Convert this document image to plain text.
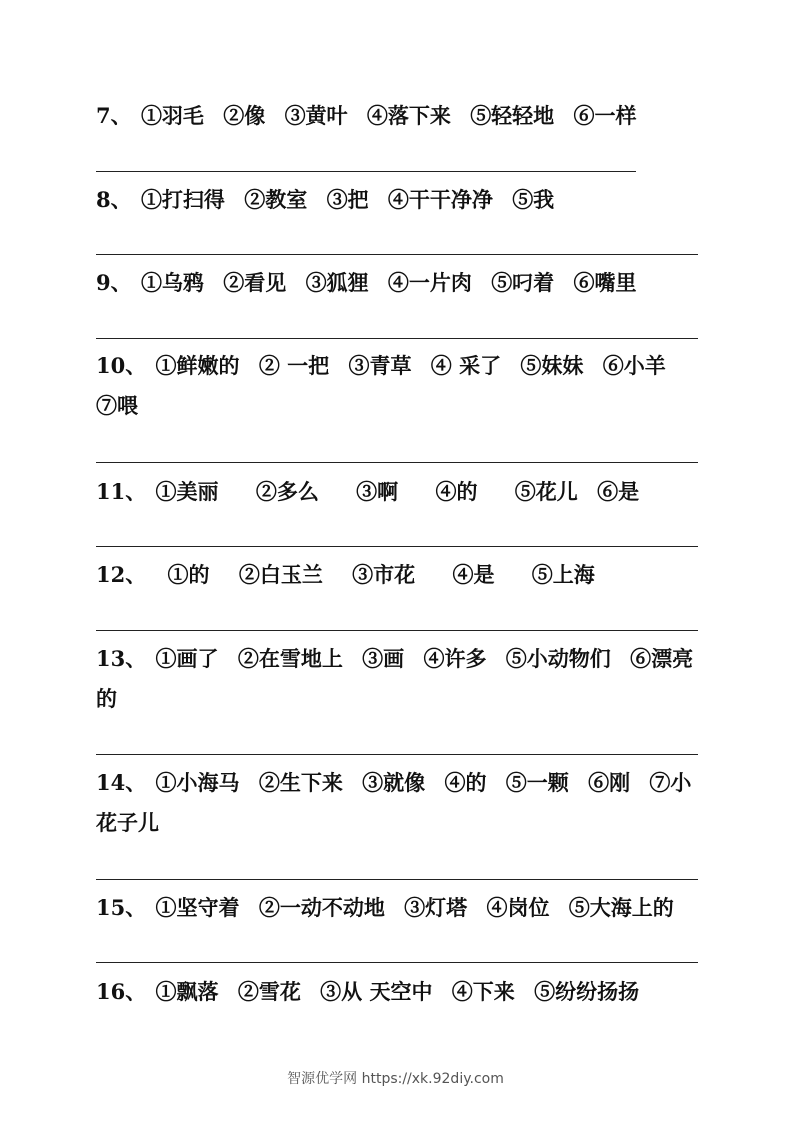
7、 ①羽毛 ②像 ③黄叶 ④落下来 ⑤轻轻地 ⑥一样
8、 ①打扫得 ②教室 ③把 ④干干净净 ⑤我
9、 ①乌鸦 ②看见 ③狐狸 ④一片肉 ⑤叼着 ⑥嘴里
10、 ①鲜嫩的 ② 一把 ③青草 ④ 采了 ⑤妹妹 ⑥小羊 ⑦喂
11、 ①美丽 ②多么 ③啊 ④的 ⑤花儿 ⑥是
12、 ①的 ②白玉兰 ③市花 ④是 ⑤上海
13、 ①画了 ②在雪地上 ③画 ④许多 ⑤小动物们 ⑥漂亮的
14、 ①小海马 ②生下来 ③就像 ④的 ⑤一颗 ⑥刚 ⑦小花子儿
15、 ①坚守着 ②一动不动地 ③灯塔 ④岗位 ⑤大海上的
16、 ①飘落 ②雪花 ③从 天空中 ④下来 ⑤纷纷扬扬
智源优学网 https://xk.92diy.com
